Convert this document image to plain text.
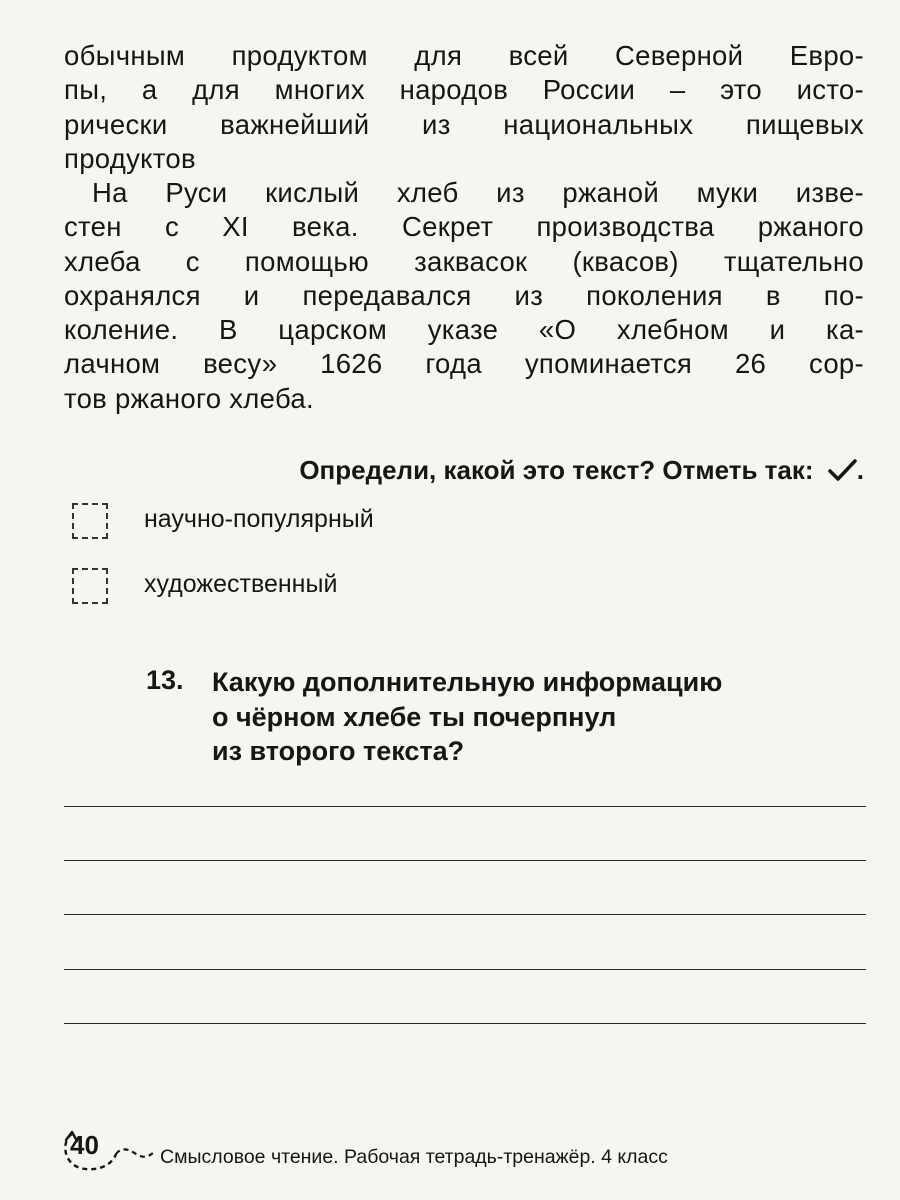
обычным продуктом для всей Северной Евро-
пы, а для многих народов России – это исто-
рически важнейший из национальных пищевых
продуктов

На Руси кислый хлеб из ржаной муки изве-
стен с XI века. Секрет производства ржаного
хлеба с помощью заквасок (квасов) тщательно
охранялся и передавался из поколения в по-
коление. В царском указе «О хлебном и ка-
лачном весу» 1626 года упоминается 26 сор-
тов ржаного хлеба.

Определи, какой это текст? Отметь так: .
научно-популярный
художественный
13. Какую дополнительную информацию
о чёрном хлебе ты почерпнул
из второго текста?
40	Смысловое чтение. Рабочая тетрадь-тренажёр. 4 класс
